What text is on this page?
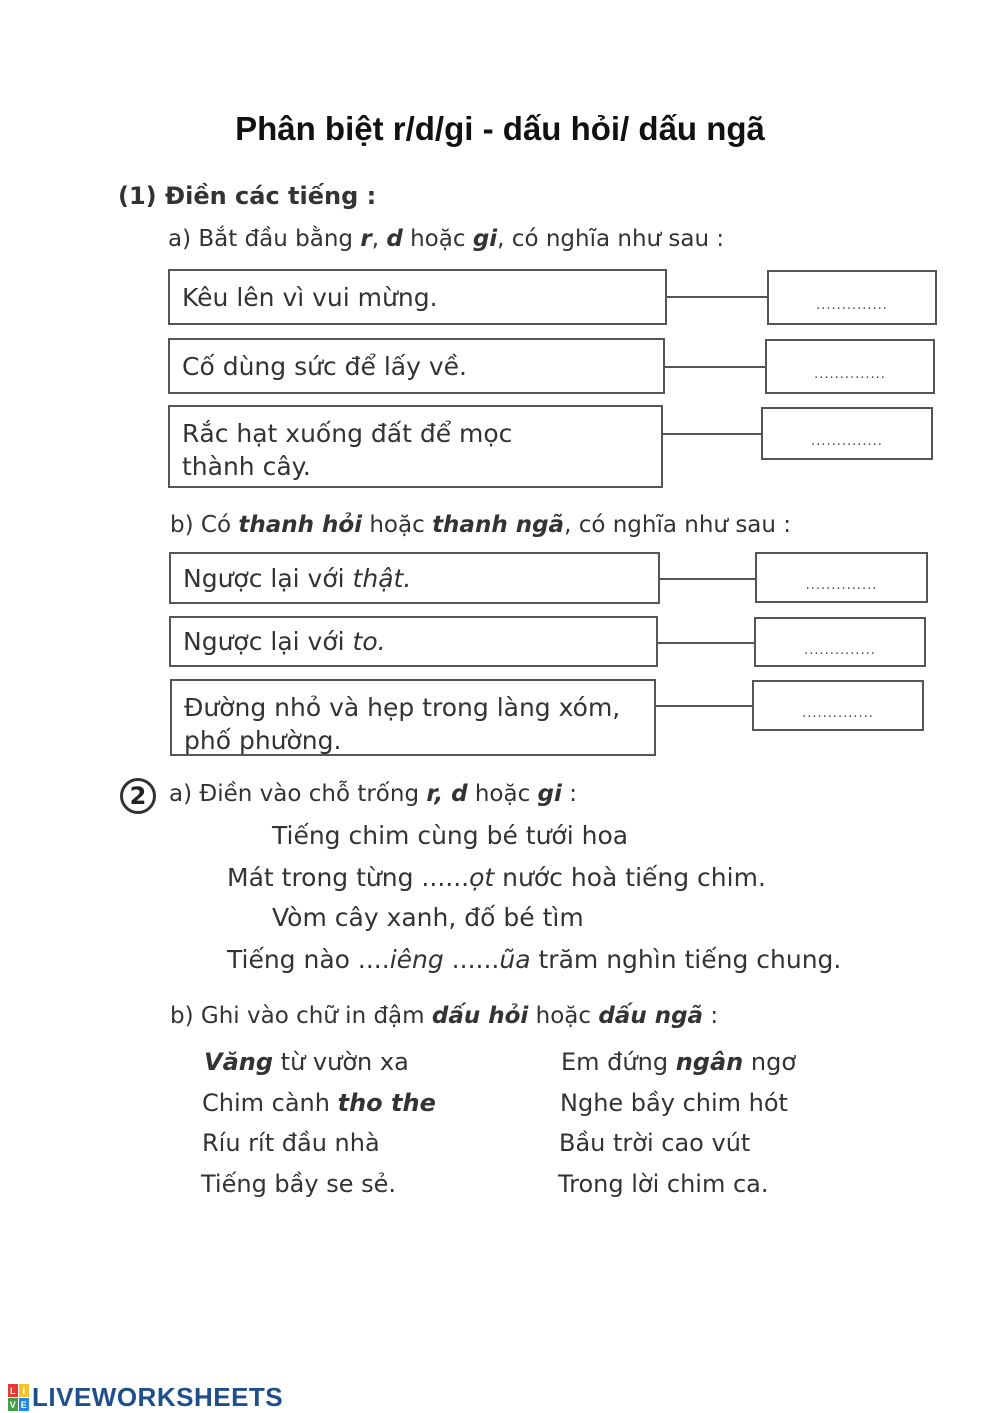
Phân biệt r/d/gi - dấu hỏi/ dấu ngã
(1) Điền các tiếng :
a) Bắt đầu bằng r, d hoặc gi, có nghĩa như sau :
Kêu lên vì vui mừng.	..............
Cố dùng sức để lấy về.	..............
Rắc hạt xuống đất để mọc
thành cây.
..............
b) Có thanh hỏi hoặc thanh ngã, có nghĩa như sau :
Ngược lại với thật.	..............
Ngược lại với to.	..............
Đường nhỏ và hẹp trong làng xóm,
phố phường.
..............
2 a) Điền vào chỗ trống r, d hoặc gi :
Tiếng chim cùng bé tưới hoa
Mát trong từng ......ọt nước hoà tiếng chim.
Vòm cây xanh, đố bé tìm
Tiếng nào ....iêng ......ũa trăm nghìn tiếng chung.
b) Ghi vào chữ in đậm dấu hỏi hoặc dấu ngã :
Văng từ vườn xa
Chim cành tho the
Ríu rít đầu nhà
Tiếng bầy se sẻ.
Em đứng ngân ngơ
Nghe bầy chim hót
Bầu trời cao vút
Trong lời chim ca.
L I
V E LIVEWORKSHEETS
